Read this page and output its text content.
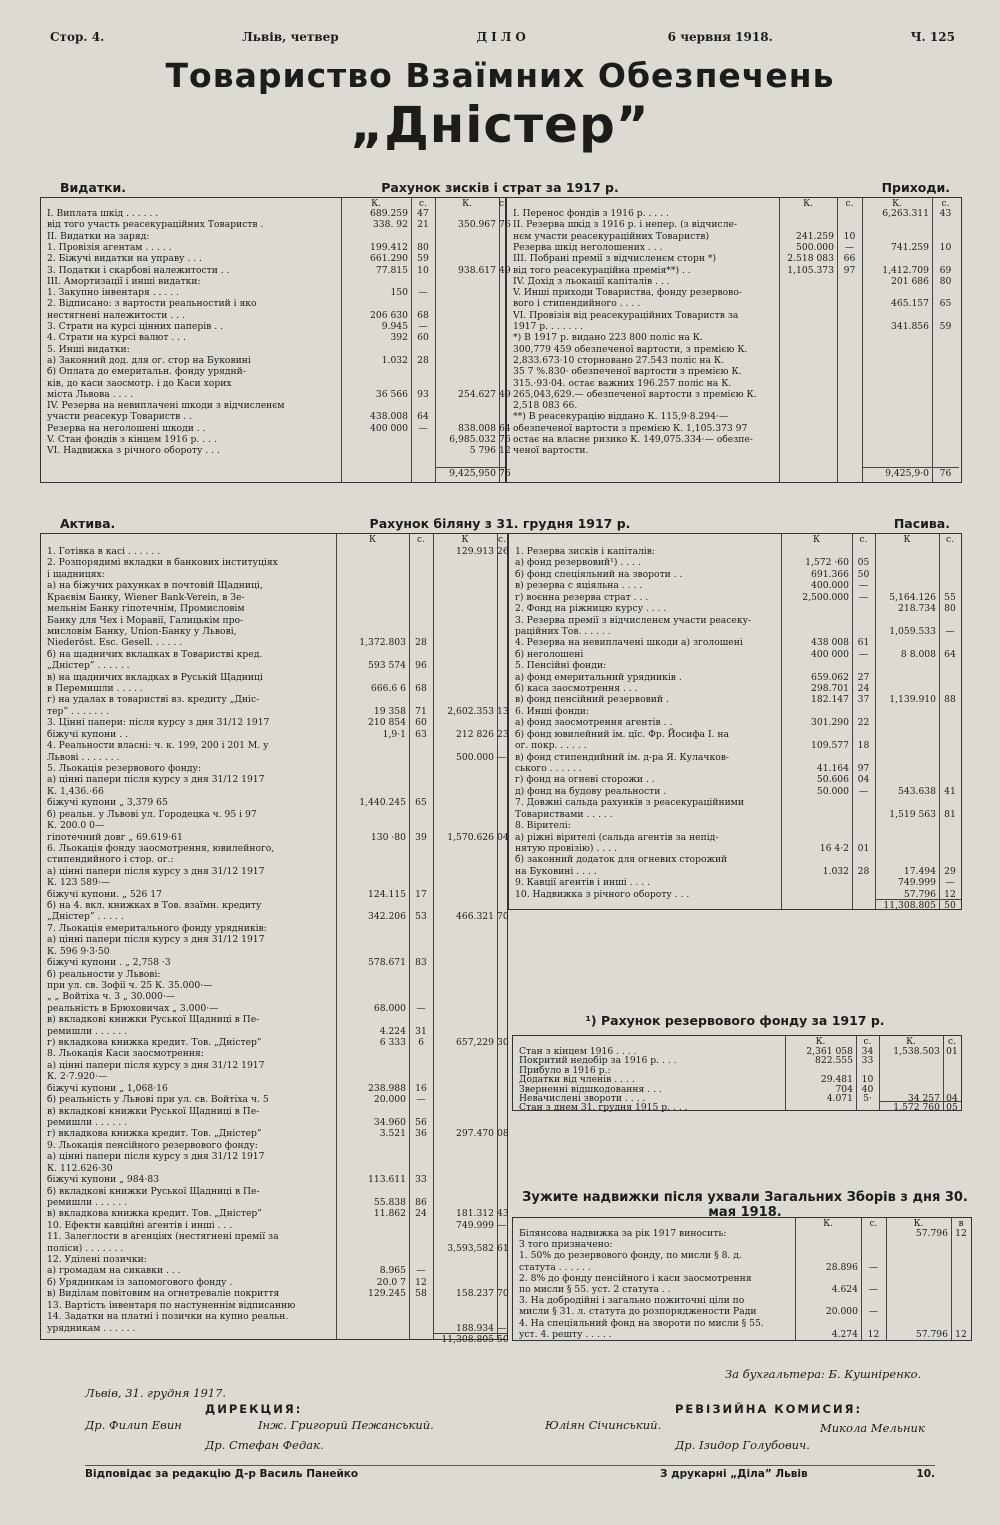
Стор. 4.	Львів, четвер	ДІЛО	6 червня 1918.	Ч. 125
Товариство Взаїмних Обезпечень
„Дністер”
Видатки.	Рахунок зисків і страт за 1917 р.	Приходи.
К.	с.	К.	с.
I. Виплата шкід . . . . . .	689.259 47
від того участь реасекураційних Товариств .	338. 92 21	350.967 76
II. Видатки на заряд:
1. Провізія агентам . . . . .	199.412 80
2. Біжучі видатки на управу . . .	661.290 59
3. Податки і скарбові належитости . .	77.815 10	938.617 49
III. Амортизації і инші видатки:
1. Закупно інвентаря . . . . .	150	—
2. Відписано: з вартости реальностий і яко
нестягнені належитости . . .	206 630 68
3. Страти на курсі цінних паперів . .	9.945	—
4. Страти на курсі валют . . .	392 60
5. Инші видатки:
а) Законний дод. для ог. стор на Буковині	1.032 28
б) Оплата до емеритальн. фонду уряднй-
ків, до каси заосмотр. і до Каси хорих
міста Львова . . . .	36 566 93	254.627 49
IV. Резерва на невиплачені шкоди з відчисленєм
участи реасекур Товариств . .	438.008 64
Резерва на неголошені шкоди . .	400 000	—	838.008 64
V. Стан фондів з кінцем 1916 р. . . .	6,985.032 76
VI. Надвижка з річного обороту . . .	5 796 12
9,425,950 76
К.	с.	К.	с.
I. Перенос фондів з 1916 р. . . . .	6,263.311	43
II. Резерва шкід з 1916 р. і непер. (з відчисле-
нєм участи реасекураційних Товариств)	241.259	10
Резерва шкід неголошених . . .	500.000	—	741.259	10
III. Побрані премії з відчисленєм сторн *)	2.518 083	66
від того реасекураційна премія**) . .	1,105.373	97	1,412.709	69
IV. Дохід з льокації капіталів . . .	201 686	80
V. Инші приходи Товариства, фонду резервово-
вого і стипендийного . . . .	465.157	65
VI. Провізія від реасекураційних Товариств за
1917 р. . . . . . .	341.856	59
*) В 1917 р. видано 223 800 поліс на К.
300,779 459 обезпеченої вартости, з премією К.
2,833.673·10 сторновано 27.543 поліс на К.
35 7 %.830· обезпеченої вартости з премією К.
315.·93·04. остає важних 196.257 поліс на К.
265,043,629.— обезпеченої вартости з премією К.
2,518 083 66.
**) В реасекурацію віддано К. 115,9·8.294·—
обезпеченої вартости з премією К. 1,105.373 97
остає на власне ризико К. 149,075.334·— обезпе-
ченої вартости.
9,425,9·0	76
Актива.	Рахунок біляну з 31. грудня 1917 р.	Пасива.
К	с.	К	с.
1. Готівка в касі . . . . . .	129.913 26
2. Розпорядимі вкладки в банкових інституціях
і щадницях:
а) на біжучих рахунках в почтовій Щадниці,
Краєвім Банку, Wiener Bank-Verein, в Зе-
мельнім Банку гіпотечнім, Промисловім
Банку для Чех і Моравії, Галицькім про-
мисловім Банку, Union-Банку у Львові,
Niederöst. Esc. Gesell. . . . . .	1,372.803 28
б) на щадничих вкладках в Товаристві кред.
„Дністер” . . . . . .	593 574 96
в) на щадничих вкладках в Руській Щадниці
в Перемишли . . . . .	666.6 6 68
г) на удалах в товаристві вз. кредиту „Дніс-
тер” . . . . . . .	19 358 71	2,602.353 13
3. Цінні папери: після курсу з дня 31/12 1917	210 854 60
біжучі купони . .	1,9·1 63	212 826 23
4. Реальности власні: ч. к. 199, 200 і 201 М. у
Львові . . . . . . .	500.000 —
5. Льокація резервового фонду:
а) цінні папери після курсу з дня 31/12 1917
К. 1,436.·66
біжучі купони „ 3,379 65	1,440.245 65
б) реальн. у Львові ул. Городецка ч. 95 і 97
К. 200.0 0—
гіпотечний довг „ 69.619·61	130 ·80 39	1,570.626 04
6. Льокація фонду заосмотрення, ювилейного,
стипендийного і стор. ог.:
а) цінні папери після курсу з дня 31/12 1917
К. 123 589·—
біжучі купони. „ 526 17	124.115 17
б) на 4. вкл. книжках в Тов. взаїмн. кредиту
„Дністер” . . . . .	342.206 53	466.321 70
7. Льокація емеритального фонду урядників:
а) цінні папери після курсу з дня 31/12 1917
К. 596 9·3·50
біжучі купони . „ 2,758 ·3	578.671 83
б) реальности у Львові:
при ул. св. Зофії ч. 25 К. 35.000·—
„ „ Войтіха ч. 3 „ 30.000·—
реальність в Брюховичах „ 3.000·—	68.000	—
в) вкладкові книжки Руської Щадниці в Пе-
ремишли . . . . . .	4.224 31
г) вкладкова книжка кредит. Тов. „Дністер”	6 333	6	657,229 30
8. Льокація Каси заосмотрення:
а) цінні папери після курсу з дня 31/12 1917
К. 2·7.920·—
біжучі купони „ 1,068·16	238.988 16
б) реальність у Львові при ул. св. Войтіха ч. 5	20.000	—
в) вкладкові книжки Руської Щадниці в Пе-
ремишли . . . . . .	34.960 56
г) вкладкова книжка кредит. Тов. „Дністер”	3.521 36	297.470 08
9. Льокація пенсійного резервового фонду:
а) цінні папери після курсу з дня 31/12 1917
К. 112.626·30
біжучі купони „ 984·83	113.611 33
б) вкладкові книжки Руської Щадниці в Пе-
ремишли . . . . . .	55.838 86
в) вкладкова книжка кредит. Тов. „Дністер”	11.862 24	181.312 43
10. Ефекти кавційні агентів і инші . . .	749.999 —
11. Залеглости в агенціях (нестягнені премії за
поліси) . . . . . . .	3,593,582 61
12. Уділені позички:
а) громадам на сикавки . . .	8.965	—
б) Урядникам із запомогового фонду .	20.0 7 12
в) Виділам повітовим на огнетреваліе покриття	129.245 58	158.237 70
13. Вартість інвентаря по настуненнім відписанню
14. Задатки на платні і позички на купно реальн.
урядникам . . . . . .	188.934 —
11,308.805 50
К	с.	К	с.
1. Резерва зисків і капіталів:
а) фонд резервовий¹) . . . .	1,572 ·60 05
б) фонд спеціяльний на звороти . .	691.366 50
в) резерва с яціяльна . . . .	400.000	—
г) воєнна резерва страт . . .	2,500.000	—	5,164.126 55
2. Фонд на ріжницю курсу . . . .	218.734 80
3. Резерва премії з відчисленєм участи реасеку-
раційних Тов. . . . . .	1,059.533	—
4. Резерва на невиплачені шкоди а) зголошені	438 008 61
б) неголошені	400 000	—	8 8.008 64
5. Пенсійні фонди:
а) фонд емеритальний урядників .	659.062 27
б) каса заосмотрення . . .	298.701 24
в) фонд пенсійний резервовий .	182.147 37	1,139.910 88
6. Инші фонди:
а) фонд заосмотрення агентів . .	301.290 22
б) фонд ювилейний ім. цїс. Фр. Йосифа I. на
ог. покр. . . . . .	109.577 18
в) фонд стипендийний ім. д-ра Я. Кулачков-
ського . . . . . .	41.164 97
г) фонд на огневі сторожи . .	50.606 04
д) фонд на будову реальности .	50.000	—	543.638 41
7. Довжні сальда рахунків з реасекураційними
Товариствами . . . . .	1,519 563 81
8. Вірителі:
а) ріжні вірителі (сальда агентів за непід-
нятую провізію) . . . .	16 4·2 01
б) законний додаток для огневих сторожий
на Буковині . . . .	1.032 28	17.494 29
9. Кавції агентів і инші . . . .	749.999	—
10. Надвижка з річного обороту . . .	57.796 12
11,308.805 50
¹) Рахунок резервового фонду за 1917 р.
К.	с.	К.	с.
Стан з кінцем 1916 . . . .	2,361 058 34	1,538.503 01
Покритий недобір за 1916 р. . . .	822.555 33
Прибуло в 1916 р.:
Додатки від членів . . . .	29.481 10
Зверненні відшкодовання . . .	704 40
Невачислені звороти . . . .	4.071	5·	34 257 04
Стан з днем 31. грудня 1915 р. . . .	1,572 760 05
Зужите надвижки після ухвали Загальних Зборів з дня 30. мая 1918.
К.	с.	К.	в
Білянсова надвижка за рік 1917 виносить:	57.796 12
З того призначено:
1. 50% до резервового фонду, по мисли § 8. д.
статута . . . . . .	28.896	—
2. 8% до фонду пенсійного і каси заосмотрення
по мисли § 55. уст. 2 статута . .	4.624	—
3. На добродійні і загально пожиточні ціли по
мисли § 31. л. статута до розпоряджености Ради	20.000	—
4. На спеціяльний фонд на звороти по мисли § 55.
уст. 4. решту . . . . .	4.274	12	57.796 12
За бухгальтера: Б. Кушніренко.
Львів, 31. грудня 1917.
ДИРЕКЦИЯ:
Др. Филип Евин	Інж. Григорий Пежанський.
Др. Стефан Федак.
РЕВІЗИЙНА КОМИСИЯ:
Юліян Січинський.	Микола Мельник
Др. Ізидор Голубович.
Відповідає за редакцію Д-р Василь Панейко	З друкарні „Діла” Львів	10.
